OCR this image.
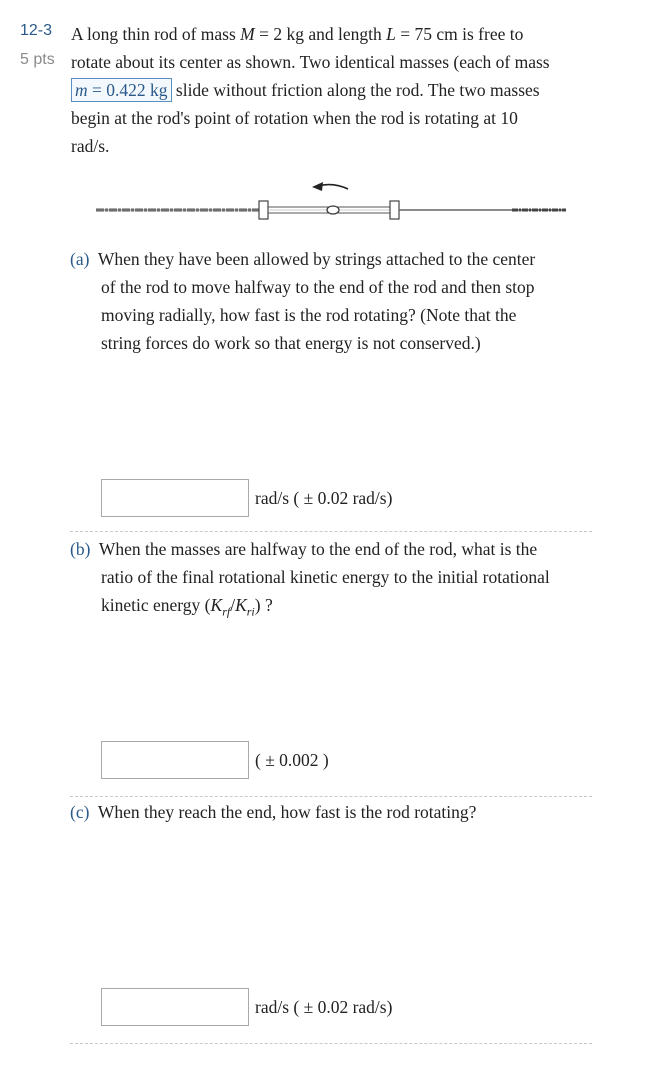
12-3
5 pts
A long thin rod of mass M = 2 kg and length L = 75 cm is free to
rotate about its center as shown. Two identical masses (each of mass
m = 0.422 kg slide without friction along the rod. The two masses
begin at the rod's point of rotation when the rod is rotating at 10
rad/s.
(a) When they have been allowed by strings attached to the center
of the rod to move halfway to the end of the rod and then stop
moving radially, how fast is the rod rotating? (Note that the
string forces do work so that energy is not conserved.)
rad/s ( ± 0.02 rad/s)
(b) When the masses are halfway to the end of the rod, what is the
ratio of the final rotational kinetic energy to the initial rotational
kinetic energy $(K_{rf}/K_{ri})$ ?
( ± 0.002 )
(c) When they reach the end, how fast is the rod rotating?
rad/s ( ± 0.02 rad/s)
